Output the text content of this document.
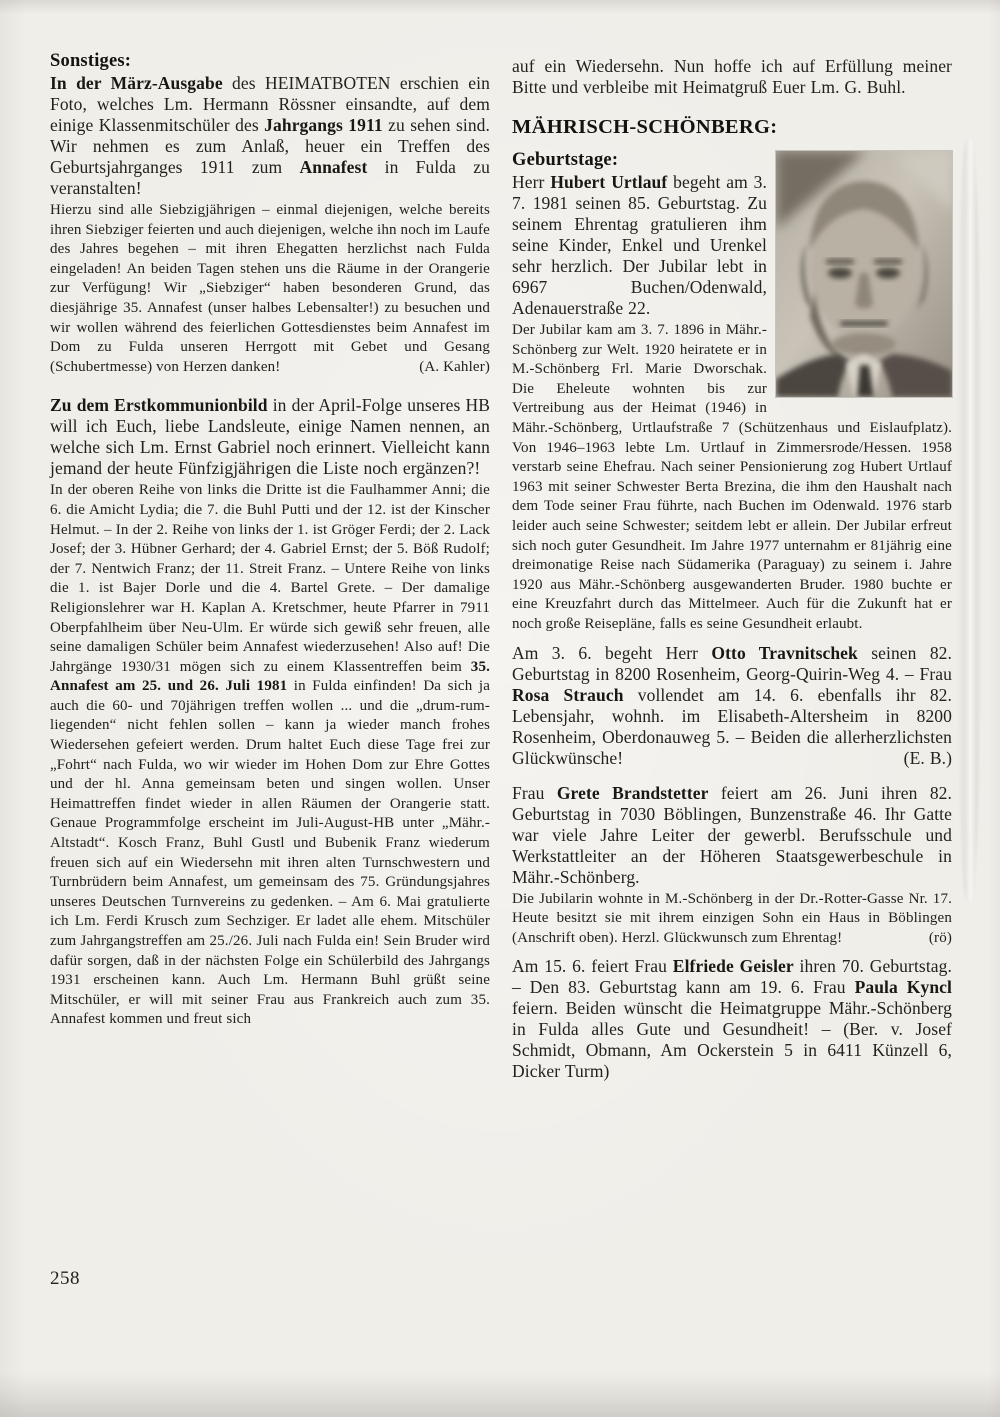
Sonstiges:

In der März-Ausgabe des HEIMATBOTEN erschien ein Foto, welches Lm. Hermann Rössner einsandte, auf dem einige Klassenmitschüler des Jahrgangs 1911 zu sehen sind. Wir nehmen es zum Anlaß, heuer ein Treffen des Geburtsjahrganges 1911 zum Annafest in Fulda zu veranstalten!

Hierzu sind alle Siebzigjährigen – einmal diejenigen, welche bereits ihren Siebziger feierten und auch diejenigen, welche ihn noch im Laufe des Jahres begehen – mit ihren Ehegatten herzlichst nach Fulda eingeladen! An beiden Tagen stehen uns die Räume in der Orangerie zur Verfügung! Wir „Siebziger“ haben besonderen Grund, das diesjährige 35. Annafest (unser halbes Lebensalter!) zu besuchen und wir wollen während des feierlichen Gottesdienstes beim Annafest im Dom zu Fulda unseren Herrgott mit Gebet und Gesang (Schubertmesse) von Herzen danken!	(A. Kahler)

Zu dem Erstkommunionbild in der April-Folge unseres HB will ich Euch, liebe Landsleute, einige Namen nennen, an welche sich Lm. Ernst Gabriel noch erinnert. Vielleicht kann jemand der heute Fünfzigjährigen die Liste noch ergänzen?!

In der oberen Reihe von links die Dritte ist die Faulhammer Anni; die 6. die Amicht Lydia; die 7. die Buhl Putti und der 12. ist der Kinscher Helmut. – In der 2. Reihe von links der 1. ist Gröger Ferdi; der 2. Lack Josef; der 3. Hübner Gerhard; der 4. Gabriel Ernst; der 5. Böß Rudolf; der 7. Nentwich Franz; der 11. Streit Franz. – Untere Reihe von links die 1. ist Bajer Dorle und die 4. Bartel Grete. – Der damalige Religionslehrer war H. Kaplan A. Kretschmer, heute Pfarrer in 7911 Oberpfahlheim über Neu-Ulm. Er würde sich gewiß sehr freuen, alle seine damaligen Schüler beim Annafest wiederzusehen! Also auf! Die Jahrgänge 1930/31 mögen sich zu einem Klassentreffen beim 35. Annafest am 25. und 26. Juli 1981 in Fulda einfinden! Da sich ja auch die 60- und 70jährigen treffen wollen ... und die „drum-rum-liegenden“ nicht fehlen sollen – kann ja wieder manch frohes Wiedersehen gefeiert werden. Drum haltet Euch diese Tage frei zur „Fohrt“ nach Fulda, wo wir wieder im Hohen Dom zur Ehre Gottes und der hl. Anna gemeinsam beten und singen wollen. Unser Heimattreffen findet wieder in allen Räumen der Orangerie statt. Genaue Programmfolge erscheint im Juli-August-HB unter „Mähr.-Altstadt“. Kosch Franz, Buhl Gustl und Bubenik Franz wiederum freuen sich auf ein Wiedersehn mit ihren alten Turnschwestern und Turnbrüdern beim Annafest, um gemeinsam des 75. Gründungsjahres unseres Deutschen Turnvereins zu gedenken. – Am 6. Mai gratulierte ich Lm. Ferdi Krusch zum Sechziger. Er ladet alle ehem. Mitschüler zum Jahrgangstreffen am 25./26. Juli nach Fulda ein! Sein Bruder wird dafür sorgen, daß in der nächsten Folge ein Schülerbild des Jahrgangs 1931 erscheinen kann. Auch Lm. Hermann Buhl grüßt seine Mitschüler, er will mit seiner Frau aus Frankreich auch zum 35. Annafest kommen und freut sich

auf ein Wiedersehn. Nun hoffe ich auf Erfüllung meiner Bitte und verbleibe mit Heimatgruß Euer Lm. G. Buhl.

MÄHRISCH-SCHÖNBERG:

Geburtstage:

Herr Hubert Urtlauf begeht am 3. 7. 1981 seinen 85. Geburtstag. Zu seinem Ehrentag gratulieren ihm seine Kinder, Enkel und Urenkel sehr herzlich. Der Jubilar lebt in 6967 Buchen/Odenwald, Adenauerstraße 22.

Der Jubilar kam am 3. 7. 1896 in Mähr.-Schönberg zur Welt. 1920 heiratete er in M.-Schönberg Frl. Marie Dworschak. Die Eheleute wohnten bis zur Vertreibung aus der Heimat (1946) in Mähr.-Schönberg, Urtlaufstraße 7 (Schützenhaus und Eislaufplatz). Von 1946–1963 lebte Lm. Urtlauf in Zimmersrode/Hessen. 1958 verstarb seine Ehefrau. Nach seiner Pensionierung zog Hubert Urtlauf 1963 mit seiner Schwester Berta Brezina, die ihm den Haushalt nach dem Tode seiner Frau führte, nach Buchen im Odenwald. 1976 starb leider auch seine Schwester; seitdem lebt er allein. Der Jubilar erfreut sich noch guter Gesundheit. Im Jahre 1977 unternahm er 81jährig eine dreimonatige Reise nach Südamerika (Paraguay) zu seinem i. Jahre 1920 aus Mähr.-Schönberg ausgewanderten Bruder. 1980 buchte er eine Kreuzfahrt durch das Mittelmeer. Auch für die Zukunft hat er noch große Reisepläne, falls es seine Gesundheit erlaubt.

Am 3. 6. begeht Herr Otto Travnitschek seinen 82. Geburtstag in 8200 Rosenheim, Georg-Quirin-Weg 4. – Frau Rosa Strauch vollendet am 14. 6. ebenfalls ihr 82. Lebensjahr, wohnh. im Elisabeth-Altersheim in 8200 Rosenheim, Oberdonauweg 5. – Beiden die allerherzlichsten Glückwünsche!	(E. B.)

Frau Grete Brandstetter feiert am 26. Juni ihren 82. Geburtstag in 7030 Böblingen, Bunzenstraße 46. Ihr Gatte war viele Jahre Leiter der gewerbl. Berufsschule und Werkstattleiter an der Höheren Staatsgewerbeschule in Mähr.-Schönberg.

Die Jubilarin wohnte in M.-Schönberg in der Dr.-Rotter-Gasse Nr. 17. Heute besitzt sie mit ihrem einzigen Sohn ein Haus in Böblingen (Anschrift oben). Herzl. Glückwunsch zum Ehrentag!	(rö)

Am 15. 6. feiert Frau Elfriede Geisler ihren 70. Geburtstag. – Den 83. Geburtstag kann am 19. 6. Frau Paula Kyncl feiern. Beiden wünscht die Heimatgruppe Mähr.-Schönberg in Fulda alles Gute und Gesundheit! – (Ber. v. Josef Schmidt, Obmann, Am Ockerstein 5 in 6411 Künzell 6, Dicker Turm)

258
